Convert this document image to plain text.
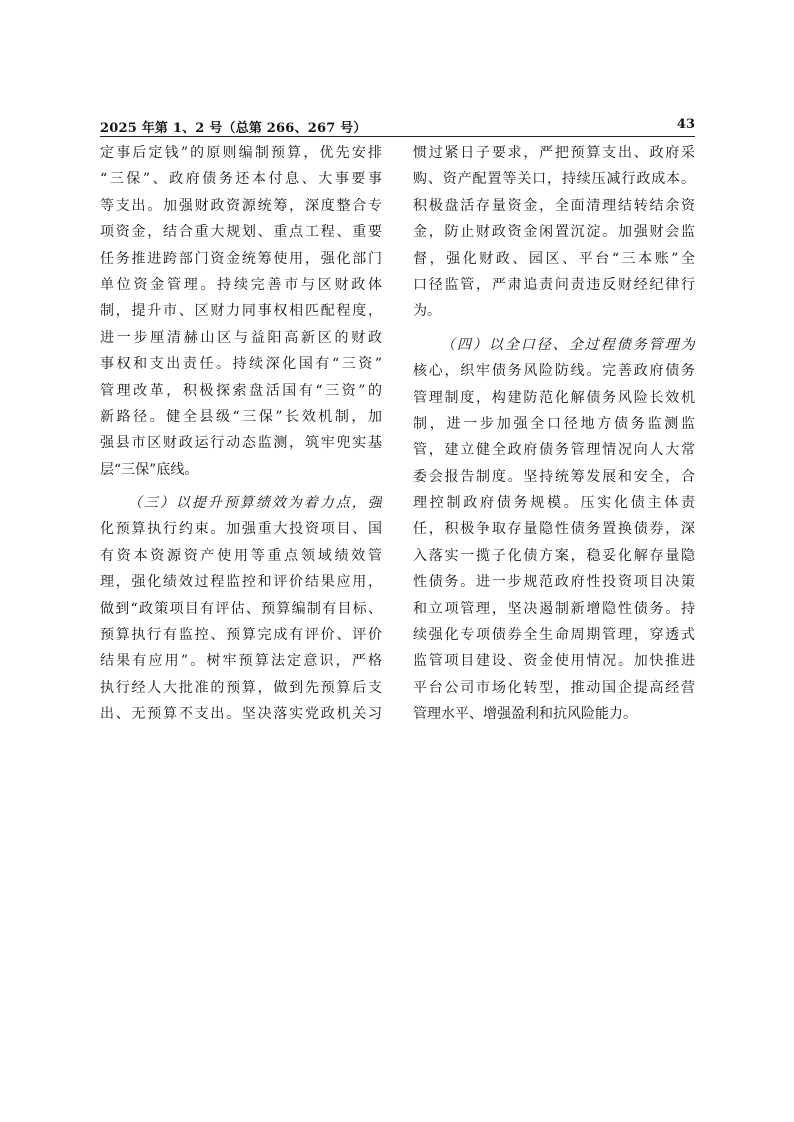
2025 年第 1、2 号（总第 266、267 号）	43
定事后定钱”的原则编制预算，优先安排
“三保”、政府债务还本付息、大事要事
等支出。加强财政资源统筹，深度整合专
项资金，结合重大规划、重点工程、重要
任务推进跨部门资金统筹使用，强化部门
单位资金管理。持续完善市与区财政体
制，提升市、区财力同事权相匹配程度，
进一步厘清赫山区与益阳高新区的财政
事权和支出责任。持续深化国有“三资”
管理改革，积极探索盘活国有“三资”的
新路径。健全县级“三保”长效机制，加
强县市区财政运行动态监测，筑牢兜实基
层“三保”底线。
（三）以提升预算绩效为着力点，强
化预算执行约束。加强重大投资项目、国
有资本资源资产使用等重点领域绩效管
理，强化绩效过程监控和评价结果应用，
做到“政策项目有评估、预算编制有目标、
预算执行有监控、预算完成有评价、评价
结果有应用”。树牢预算法定意识，严格
执行经人大批准的预算，做到先预算后支
出、无预算不支出。坚决落实党政机关习
惯过紧日子要求，严把预算支出、政府采
购、资产配置等关口，持续压减行政成本。
积极盘活存量资金，全面清理结转结余资
金，防止财政资金闲置沉淀。加强财会监
督，强化财政、园区、平台“三本账”全
口径监管，严肃追责问责违反财经纪律行
为。
（四）以全口径、全过程债务管理为
核心，织牢债务风险防线。完善政府债务
管理制度，构建防范化解债务风险长效机
制，进一步加强全口径地方债务监测监
管，建立健全政府债务管理情况向人大常
委会报告制度。坚持统筹发展和安全，合
理控制政府债务规模。压实化债主体责
任，积极争取存量隐性债务置换债券，深
入落实一揽子化债方案，稳妥化解存量隐
性债务。进一步规范政府性投资项目决策
和立项管理，坚决遏制新增隐性债务。持
续强化专项债券全生命周期管理，穿透式
监管项目建设、资金使用情况。加快推进
平台公司市场化转型，推动国企提高经营
管理水平、增强盈利和抗风险能力。
